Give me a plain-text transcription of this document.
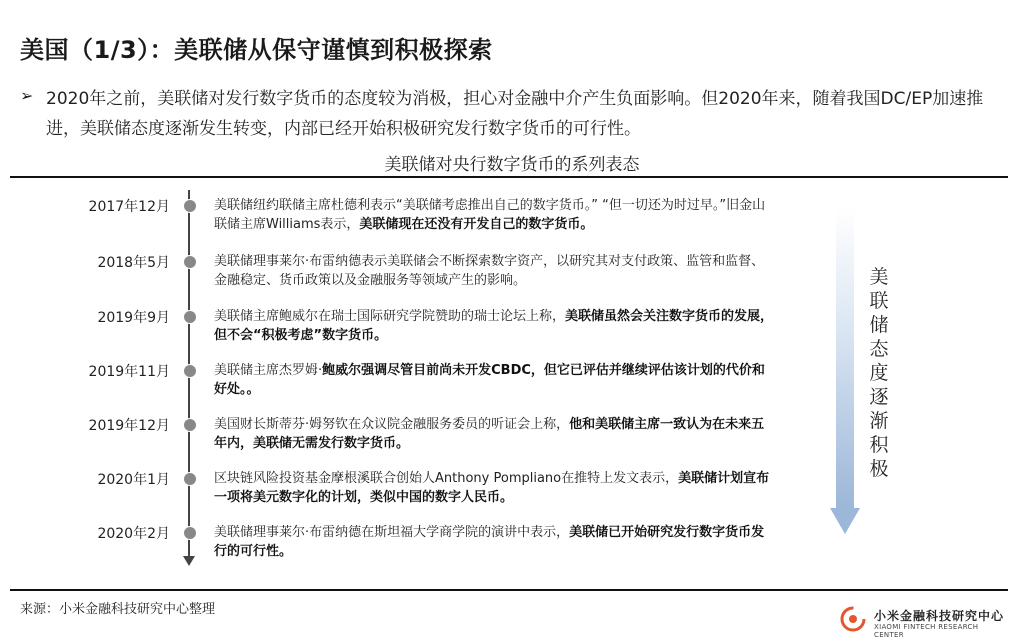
美国（1/3）：美联储从保守谨慎到积极探索
➢ 2020年之前，美联储对发行数字货币的态度较为消极，担心对金融中介产生负面影响。但2020年来，随着我国DC/EP加速推进，美联储态度逐渐发生转变，内部已经开始积极研究发行数字货币的可行性。
美联储对央行数字货币的系列表态
2017年12月	美联储纽约联储主席杜德利表示“美联储考虑推出自己的数字货币。” “但一切还为时过早。”旧金山联储主席Williams表示，美联储现在还没有开发自己的数字货币。
2018年5月	美联储理事莱尔·布雷纳德表示美联储会不断探索数字资产，以研究其对支付政策、监管和监督、金融稳定、货币政策以及金融服务等领域产生的影响。
2019年9月	美联储主席鲍威尔在瑞士国际研究学院赞助的瑞士论坛上称，美联储虽然会关注数字货币的发展，但不会“积极考虑”数字货币。
2019年11月	美联储主席杰罗姆·鲍威尔强调尽管目前尚未开发CBDC，但它已评估并继续评估该计划的代价和好处。。
2019年12月	美国财长斯蒂芬·姆努钦在众议院金融服务委员的听证会上称，他和美联储主席一致认为在未来五年内，美联储无需发行数字货币。
2020年1月	区块链风险投资基金摩根溪联合创始人Anthony Pompliano在推特上发文表示，美联储计划宣布一项将美元数字化的计划，类似中国的数字人民币。
2020年2月	美联储理事莱尔·布雷纳德在斯坦福大学商学院的演讲中表示，美联储已开始研究发行数字货币发行的可行性。
美
联
储
态
度
逐
渐
积
极
来源：小米金融科技研究中心整理	小米金融科技研究中心
XIAOMI FINTECH RESEARCH CENTER
